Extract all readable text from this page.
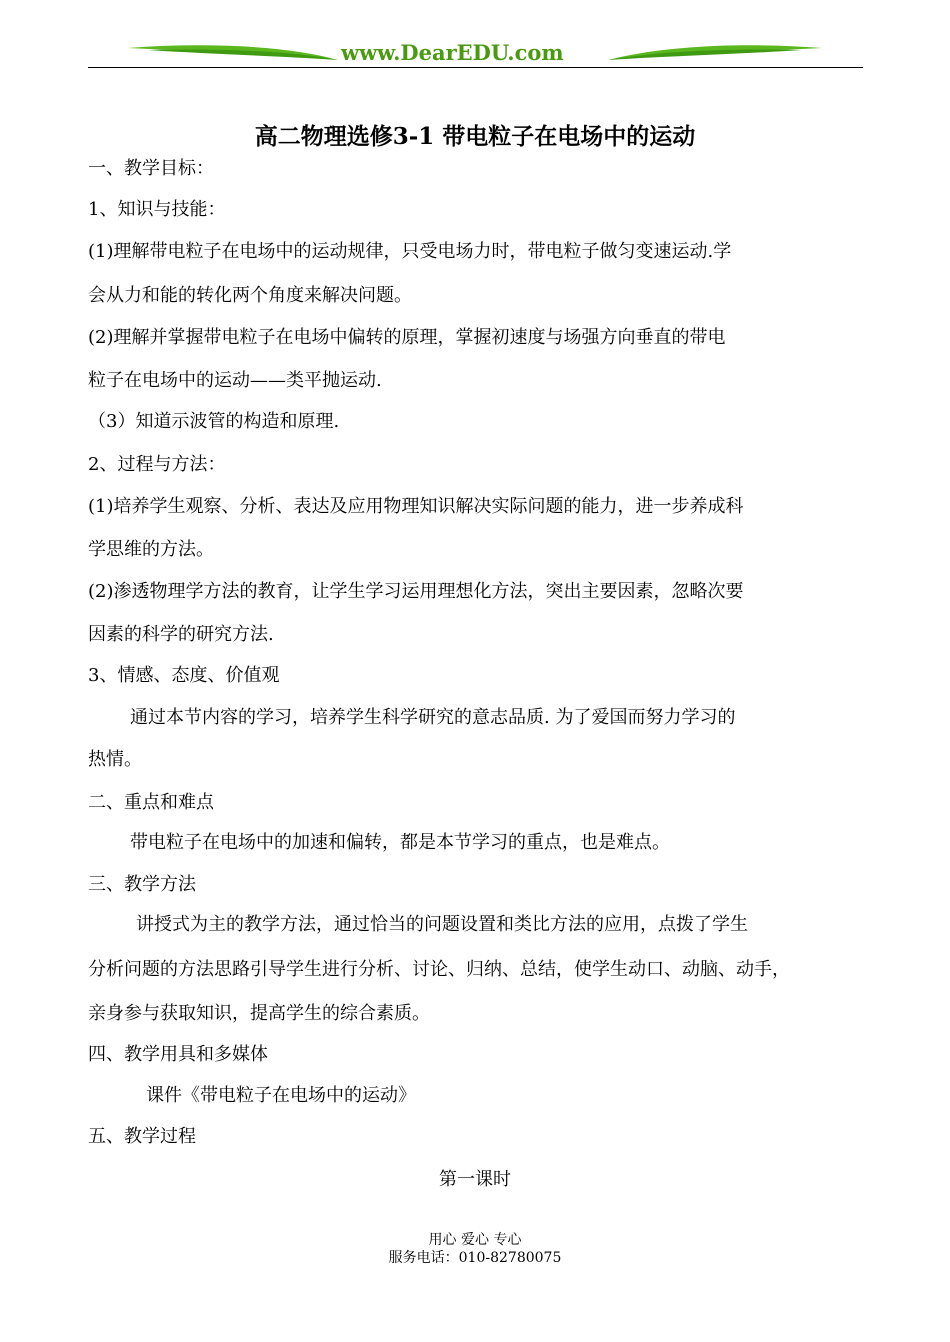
www.DearEDU.com
高二物理选修3-1 带电粒子在电场中的运动
一、教学目标：
1、知识与技能：
(1)理解带电粒子在电场中的运动规律，只受电场力时，带电粒子做匀变速运动.学
会从力和能的转化两个角度来解决问题。
(2)理解并掌握带电粒子在电场中偏转的原理，掌握初速度与场强方向垂直的带电
粒子在电场中的运动——类平抛运动.
（3）知道示波管的构造和原理.
2、过程与方法：
(1)培养学生观察、分析、表达及应用物理知识解决实际问题的能力，进一步养成科
学思维的方法。
(2)渗透物理学方法的教育，让学生学习运用理想化方法，突出主要因素，忽略次要
因素的科学的研究方法.
3、情感、态度、价值观
通过本节内容的学习，培养学生科学研究的意志品质. 为了爱国而努力学习的
热情。
二、重点和难点
带电粒子在电场中的加速和偏转，都是本节学习的重点，也是难点。
三、教学方法
讲授式为主的教学方法，通过恰当的问题设置和类比方法的应用，点拨了学生
分析问题的方法思路引导学生进行分析、讨论、归纳、总结，使学生动口、动脑、动手，
亲身参与获取知识，提高学生的综合素质。
四、教学用具和多媒体
课件《带电粒子在电场中的运动》
五、教学过程
第一课时
用心 爱心 专心
服务电话：010-82780075
